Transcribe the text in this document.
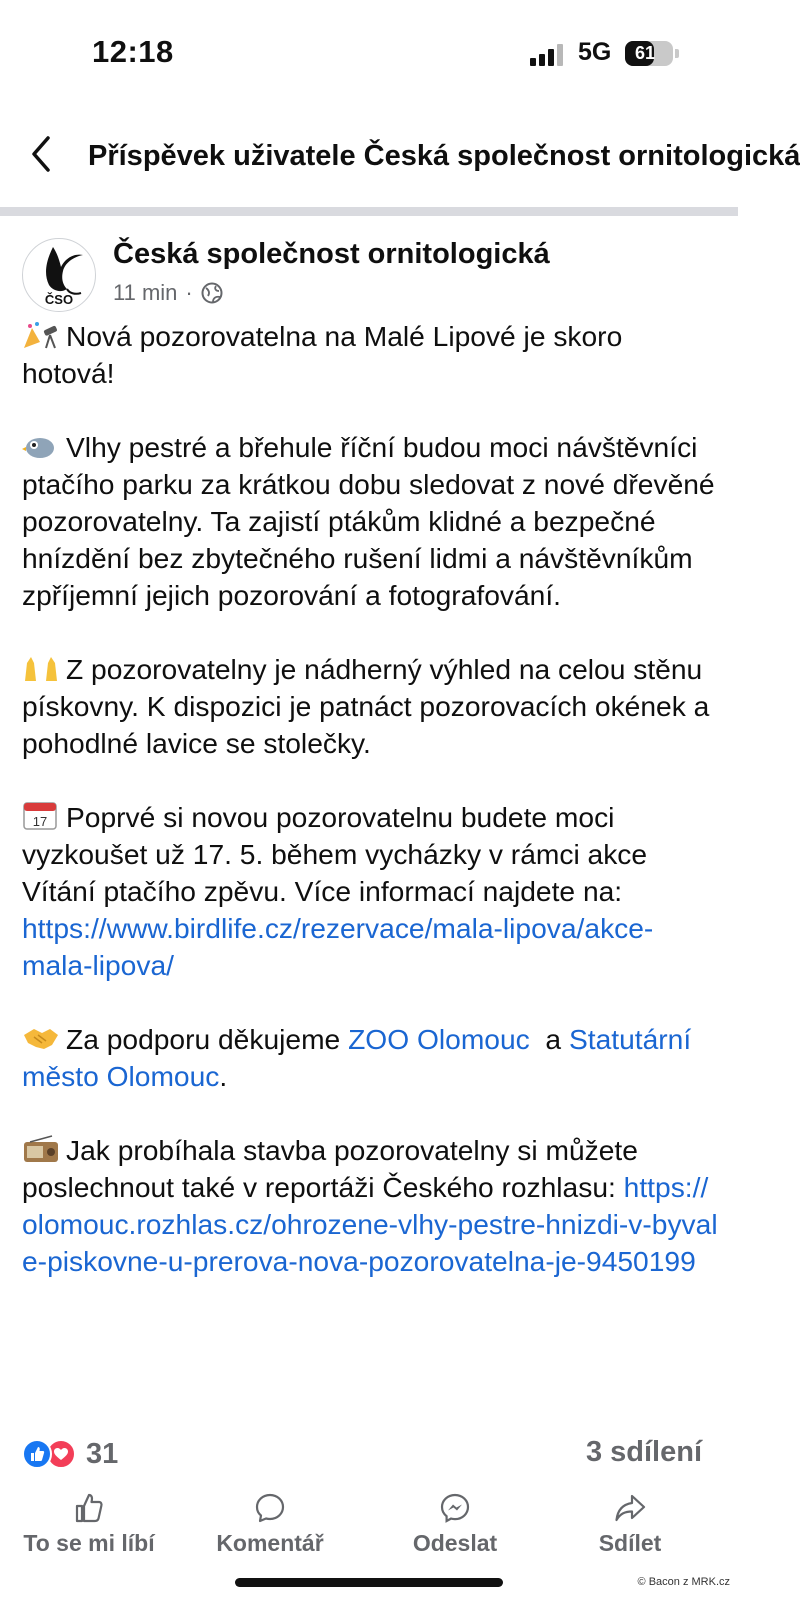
12:18	5G	61
Příspěvek uživatele Česká společnost ornitologická
ČSO
Česká společnost ornitologická
11 min ·

Nová pozorovatelna na Malé Lipové je skoro hotová!

Vlhy pestré a břehule říční budou moci návštěvníci ptačího parku za krátkou dobu sledovat z nové dřevěné pozorovatelny. Ta zajistí ptákům klidné a bezpečné hnízdění bez zbytečného rušení lidmi a návštěvníkům zpříjemní jejich pozorování a fotografování.

Z pozorovatelny je nádherný výhled na celou stěnu pískovny. K dispozici je patnáct pozorovacích okének a pohodlné lavice se stolečky.

17 Poprvé si novou pozorovatelnu budete moci vyzkoušet už 17. 5. během vycházky v rámci akce Vítání ptačího zpěvu. Více informací najdete na: https://www.birdlife.cz/rezervace/mala-lipova/akce-mala-lipova/

Za podporu děkujeme ZOO Olomouc  a Statutární město Olomouc.

Jak probíhala stavba pozorovatelny si můžete poslechnout také v reportáži Českého rozhlasu: https://olomouc.rozhlas.cz/ohrozene-vlhy-pestre-hnizdi-v-byvale-piskovne-u-prerova-nova-pozorovatelna-je-9450199

31	3 sdílení
To se mi líbí	Komentář	Odeslat	Sdílet
© Bacon z MRK.cz
